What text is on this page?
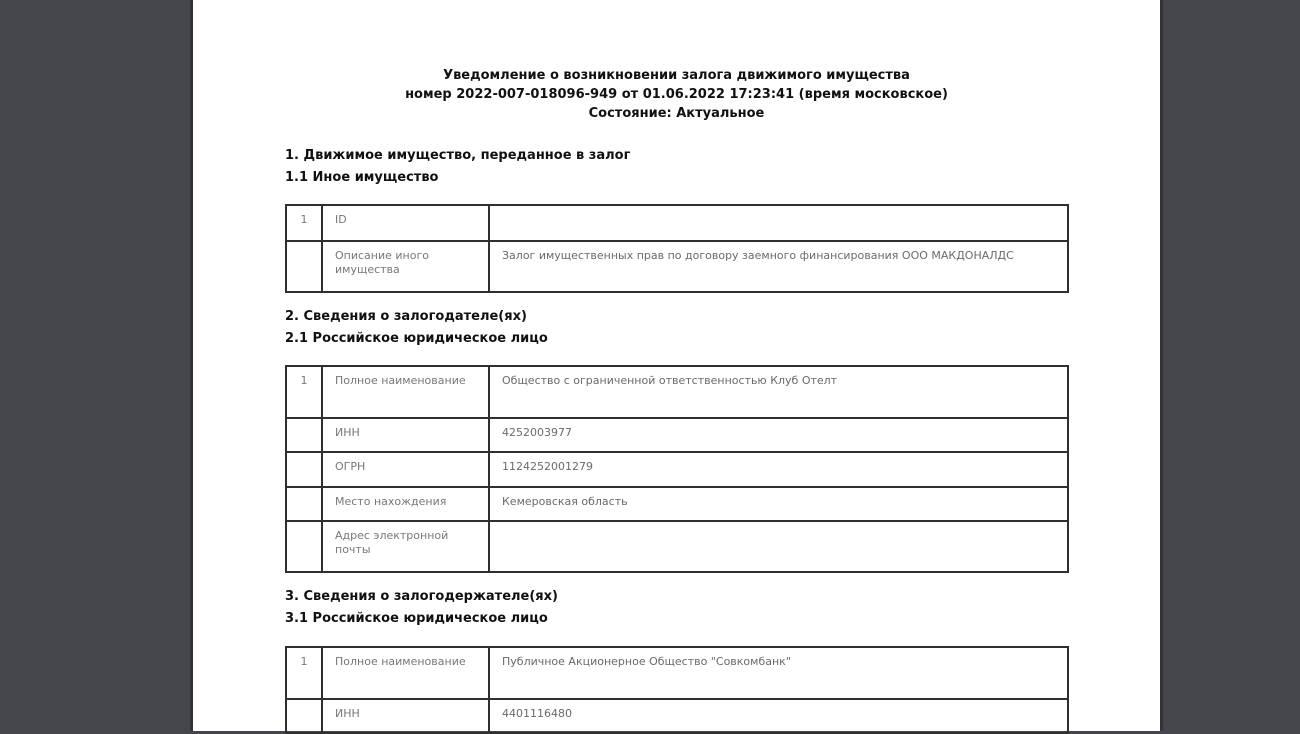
Уведомление о возникновении залога движимого имущества
номер 2022-007-018096-949 от 01.06.2022 17:23:41 (время московское)
Состояние: Актуальное
1. Движимое имущество, переданное в залог
1.1 Иное имущество
1	ID	
	Описание иного имущества	Залог имущественных прав по договору заемного финансирования ООО МАКДОНАЛДС
2. Сведения о залогодателе(ях)
2.1 Российское юридическое лицо
1	Полное наименование	Общество с ограниченной ответственностью Клуб Отелт
	ИНН	4252003977
	ОГРН	1124252001279
	Место нахождения	Кемеровская область
	Адрес электронной почты	
3. Сведения о залогодержателе(ях)
3.1 Российское юридическое лицо
1	Полное наименование	Публичное Акционерное Общество "Совкомбанк"
	ИНН	4401116480
